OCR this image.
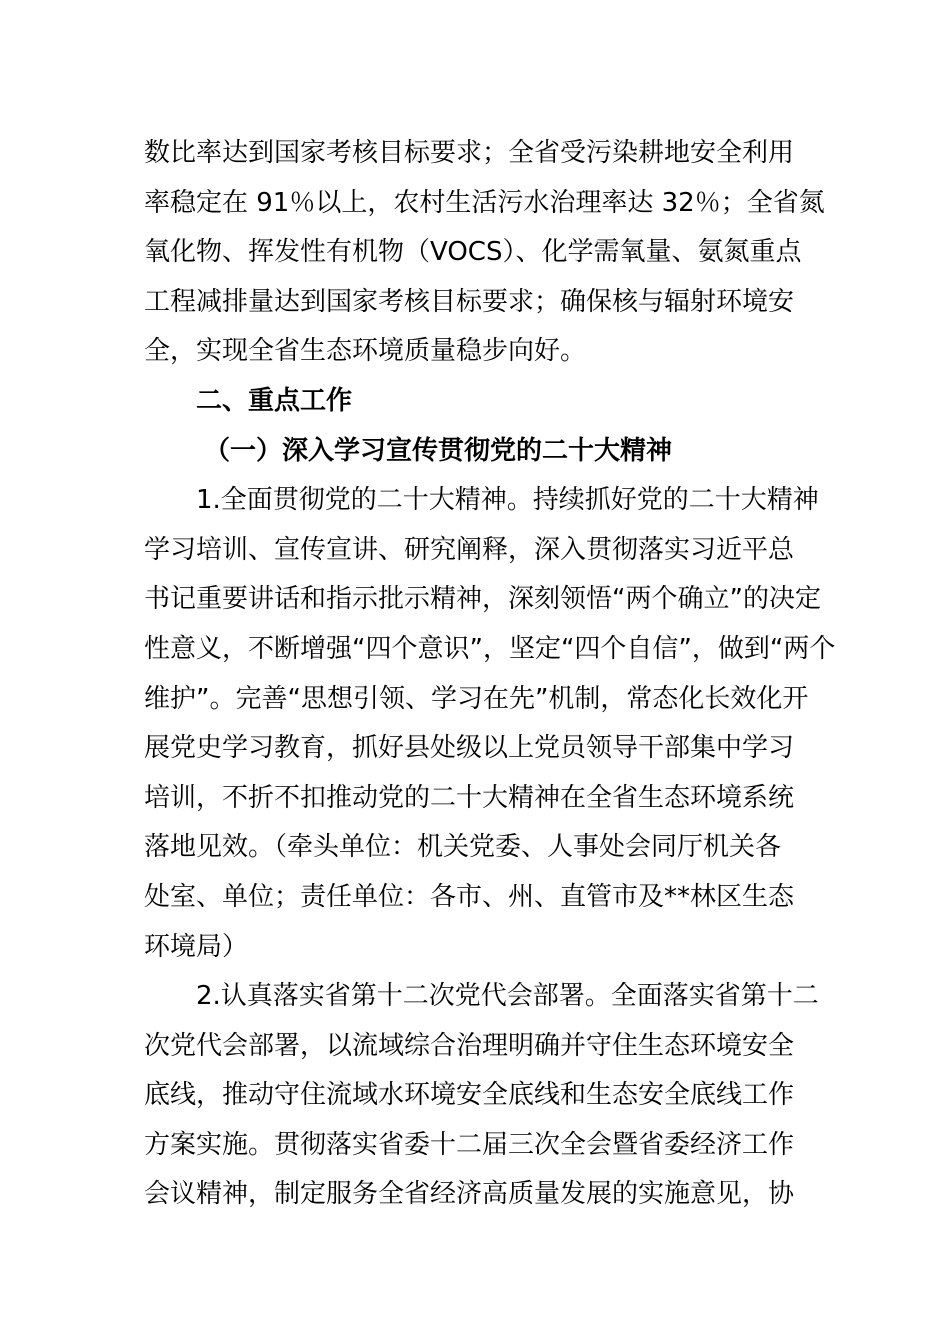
数比率达到国家考核目标要求；全省受污染耕地安全利用
率稳定在 91％以上，农村生活污水治理率达 32％；全省氮
氧化物、挥发性有机物（VOCS）、化学需氧量、氨氮重点
工程减排量达到国家考核目标要求；确保核与辐射环境安
全，实现全省生态环境质量稳步向好。
二、重点工作
（一）深入学习宣传贯彻党的二十大精神
1.全面贯彻党的二十大精神。持续抓好党的二十大精神
学习培训、宣传宣讲、研究阐释，深入贯彻落实习近平总
书记重要讲话和指示批示精神，深刻领悟“两个确立”的决定
性意义，不断增强“四个意识”，坚定“四个自信”，做到“两个
维护”。完善“思想引领、学习在先”机制，常态化长效化开
展党史学习教育，抓好县处级以上党员领导干部集中学习
培训，不折不扣推动党的二十大精神在全省生态环境系统
落地见效。（牵头单位：机关党委、人事处会同厅机关各
处室、单位；责任单位：各市、州、直管市及**林区生态
环境局）
2.认真落实省第十二次党代会部署。全面落实省第十二
次党代会部署，以流域综合治理明确并守住生态环境安全
底线，推动守住流域水环境安全底线和生态安全底线工作
方案实施。贯彻落实省委十二届三次全会暨省委经济工作
会议精神，制定服务全省经济高质量发展的实施意见，协
